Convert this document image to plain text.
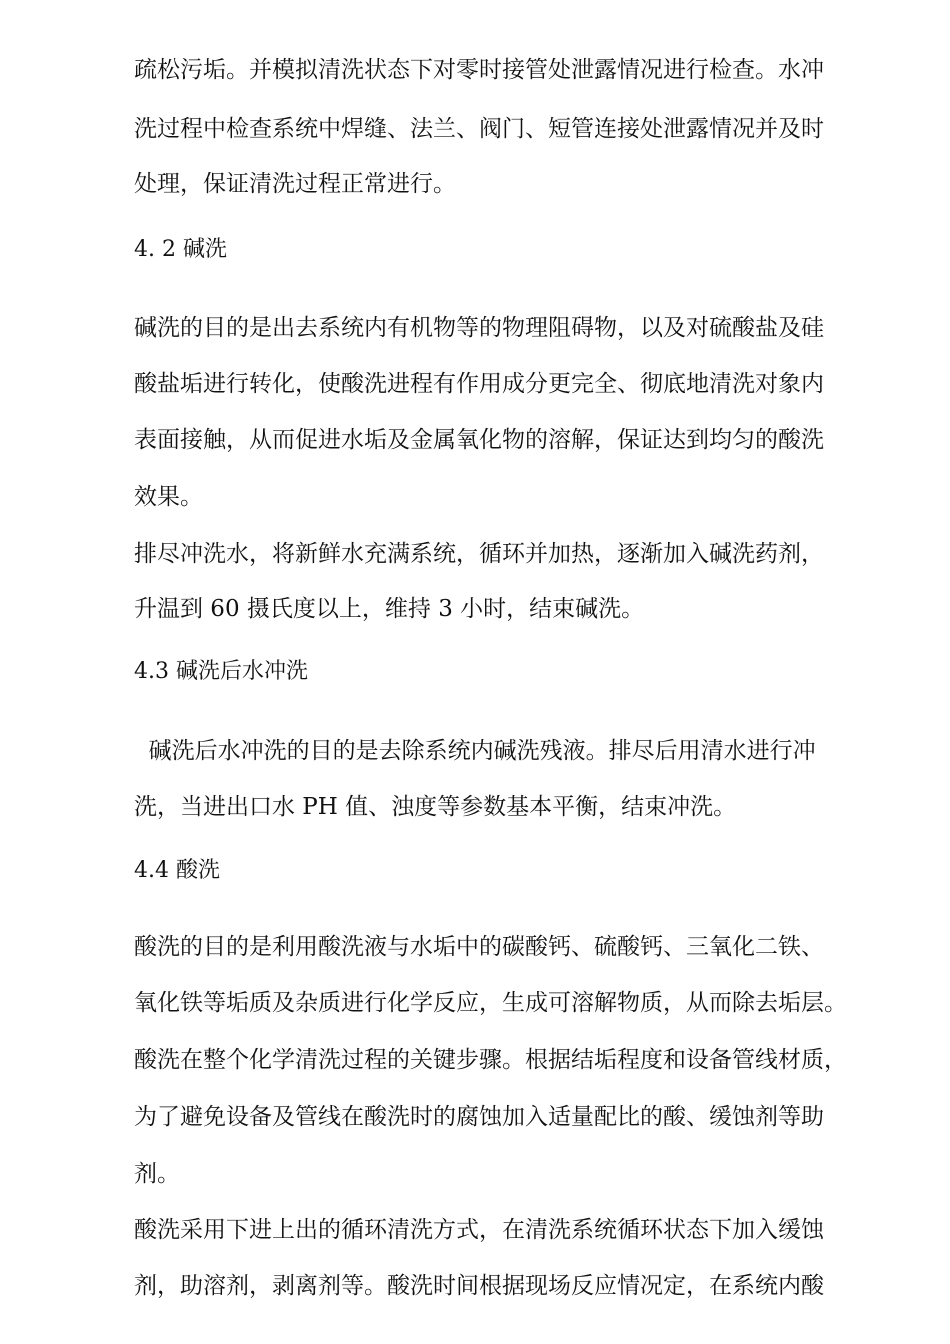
疏松污垢。并模拟清洗状态下对零时接管处泄露情况进行检查。水冲
洗过程中检查系统中焊缝、法兰、阀门、短管连接处泄露情况并及时
处理，保证清洗过程正常进行。
4. 2 碱洗
碱洗的目的是出去系统内有机物等的物理阻碍物，以及对硫酸盐及硅
酸盐垢进行转化，使酸洗进程有作用成分更完全、彻底地清洗对象内
表面接触，从而促进水垢及金属氧化物的溶解，保证达到均匀的酸洗
效果。
排尽冲洗水，将新鲜水充满系统，循环并加热，逐渐加入碱洗药剂，
升温到 60 摄氏度以上，维持 3 小时，结束碱洗。
4.3 碱洗后水冲洗
碱洗后水冲洗的目的是去除系统内碱洗残液。排尽后用清水进行冲
洗，当进出口水 PH 值、浊度等参数基本平衡，结束冲洗。
4.4 酸洗
酸洗的目的是利用酸洗液与水垢中的碳酸钙、硫酸钙、三氧化二铁、
氧化铁等垢质及杂质进行化学反应，生成可溶解物质，从而除去垢层。
酸洗在整个化学清洗过程的关键步骤。根据结垢程度和设备管线材质，
为了避免设备及管线在酸洗时的腐蚀加入适量配比的酸、缓蚀剂等助
剂。
酸洗采用下进上出的循环清洗方式，在清洗系统循环状态下加入缓蚀
剂，助溶剂，剥离剂等。酸洗时间根据现场反应情况定，在系统内酸
